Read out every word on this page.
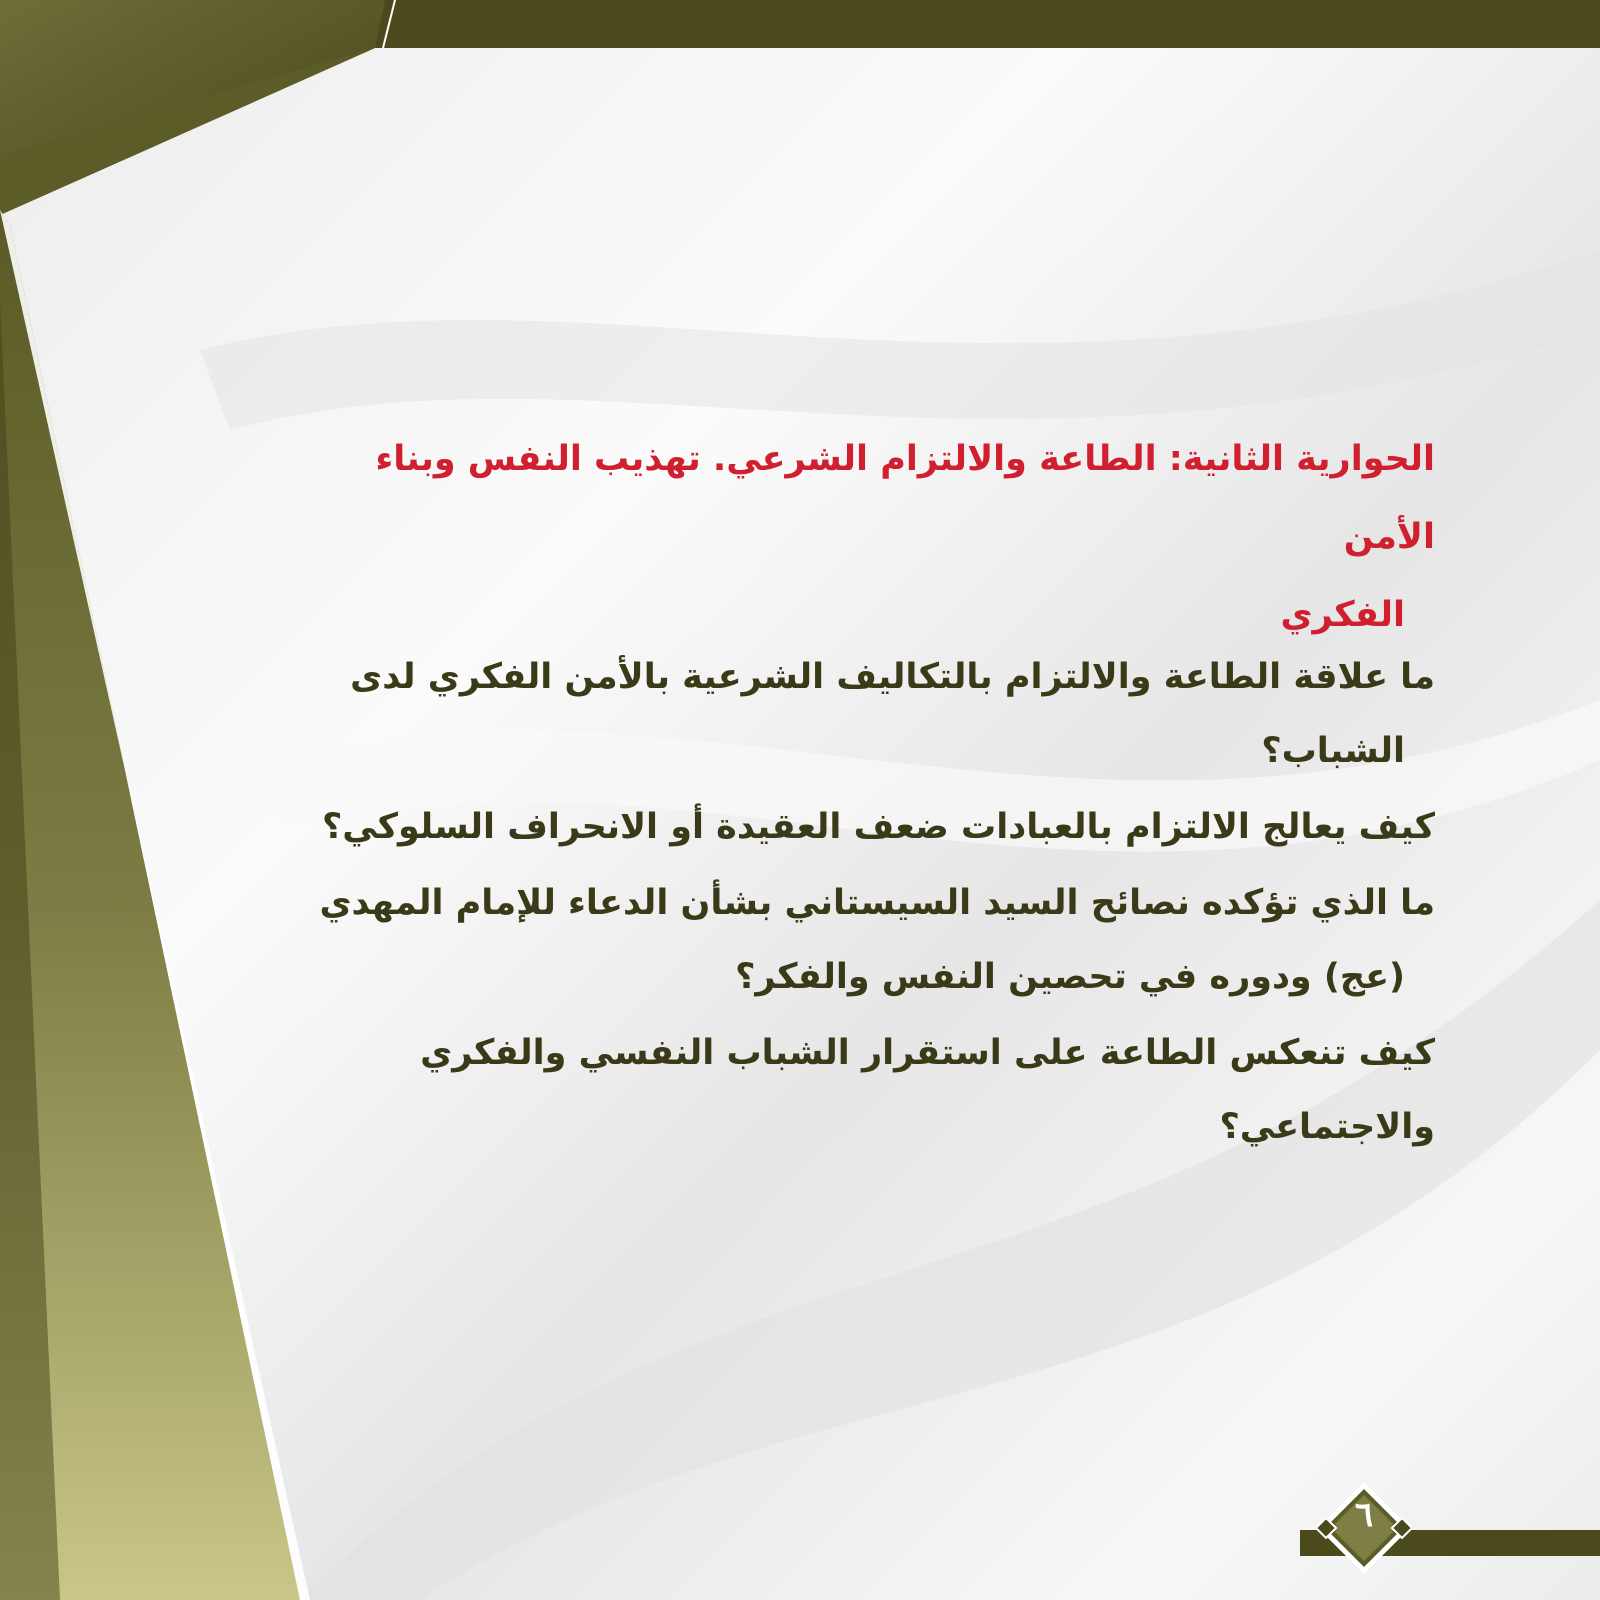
٦
الحوارية الثانية: الطاعة والالتزام الشرعي. تهذيب النفس وبناء الأمن
الفكري
ما علاقة الطاعة والالتزام بالتكاليف الشرعية بالأمن الفكري لدى
الشباب؟
كيف يعالج الالتزام بالعبادات ضعف العقيدة أو الانحراف السلوكي؟
ما الذي تؤكده نصائح السيد السيستاني بشأن الدعاء للإمام المهدي
(عج) ودوره في تحصين النفس والفكر؟
كيف تنعكس الطاعة على استقرار الشباب النفسي والفكري والاجتماعي؟
